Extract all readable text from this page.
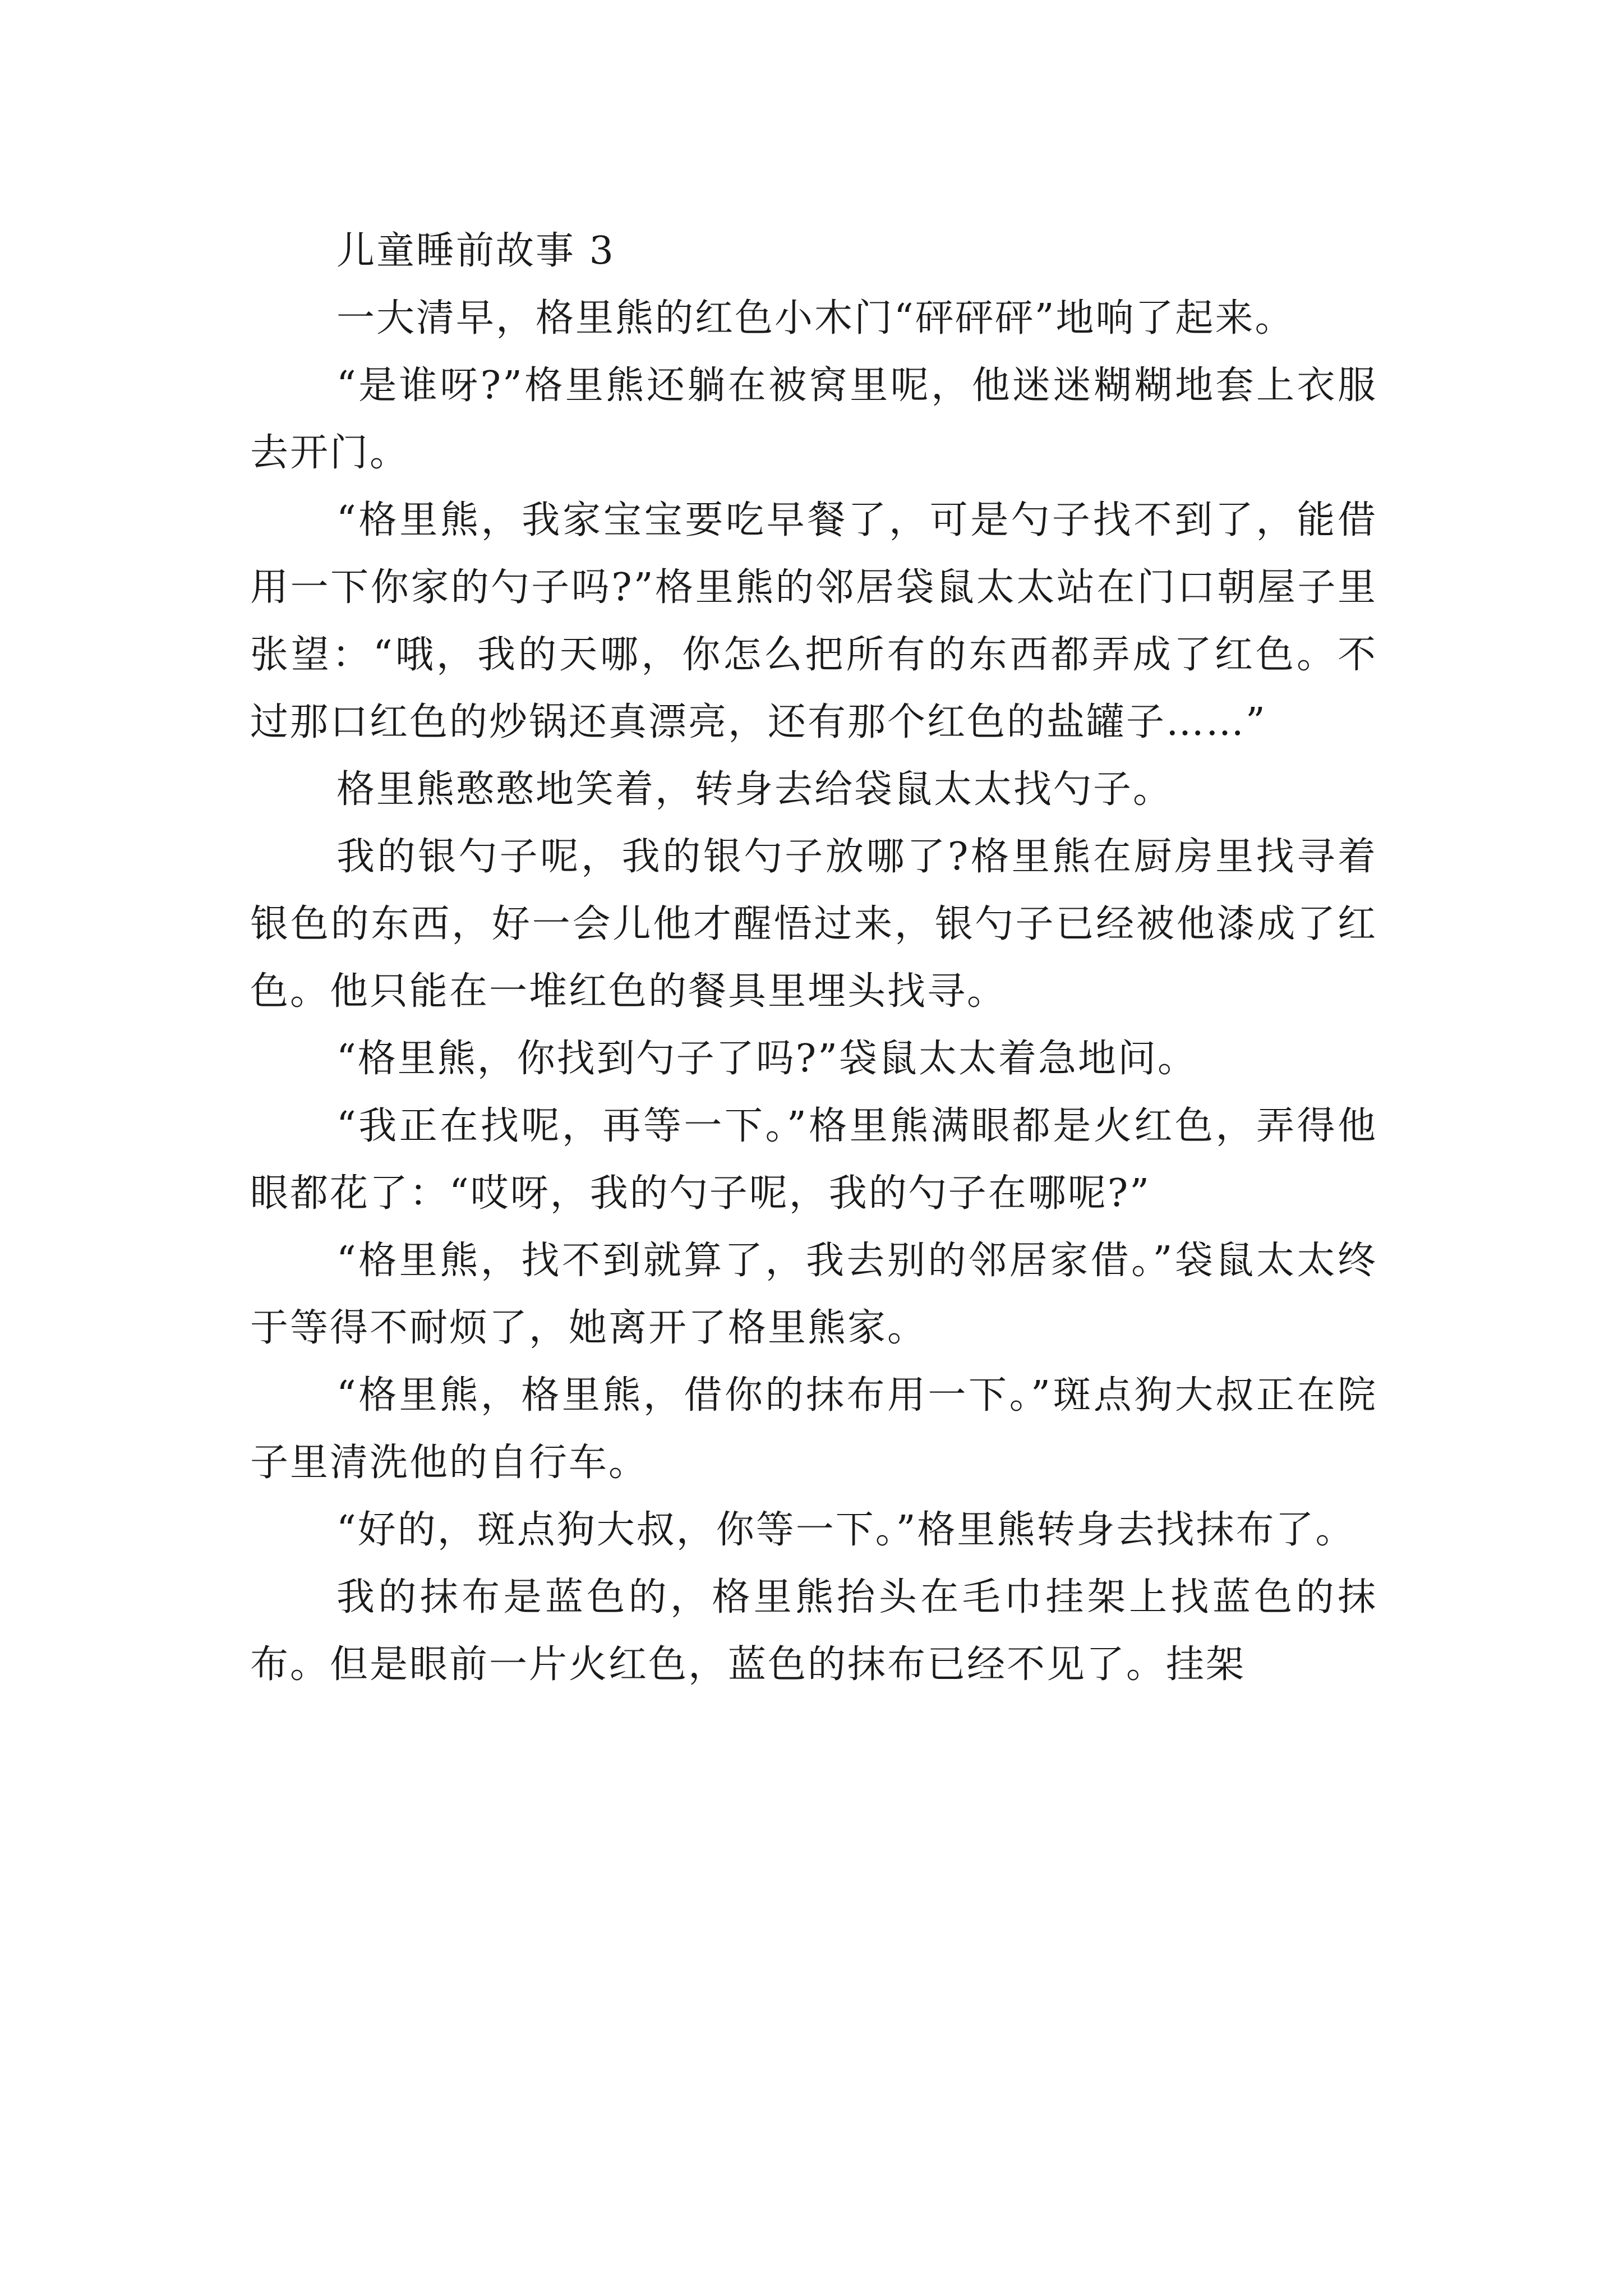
儿童睡前故事 3

一大清早，格里熊的红色小木门“砰砰砰”地响了起来。

“是谁呀?”格里熊还躺在被窝里呢，他迷迷糊糊地套上衣服去开门。

“格里熊，我家宝宝要吃早餐了，可是勺子找不到了，能借用一下你家的勺子吗?”格里熊的邻居袋鼠太太站在门口朝屋子里张望：“哦，我的天哪，你怎么把所有的东西都弄成了红色。不过那口红色的炒锅还真漂亮，还有那个红色的盐罐子……”

格里熊憨憨地笑着，转身去给袋鼠太太找勺子。

我的银勺子呢，我的银勺子放哪了?格里熊在厨房里找寻着银色的东西，好一会儿他才醒悟过来，银勺子已经被他漆成了红色。他只能在一堆红色的餐具里埋头找寻。

“格里熊，你找到勺子了吗?”袋鼠太太着急地问。

“我正在找呢，再等一下。”格里熊满眼都是火红色，弄得他眼都花了：“哎呀，我的勺子呢，我的勺子在哪呢?”

“格里熊，找不到就算了，我去别的邻居家借。”袋鼠太太终于等得不耐烦了，她离开了格里熊家。

“格里熊，格里熊，借你的抹布用一下。”斑点狗大叔正在院子里清洗他的自行车。

“好的，斑点狗大叔，你等一下。”格里熊转身去找抹布了。

我的抹布是蓝色的，格里熊抬头在毛巾挂架上找蓝色的抹布。但是眼前一片火红色，蓝色的抹布已经不见了。挂架
